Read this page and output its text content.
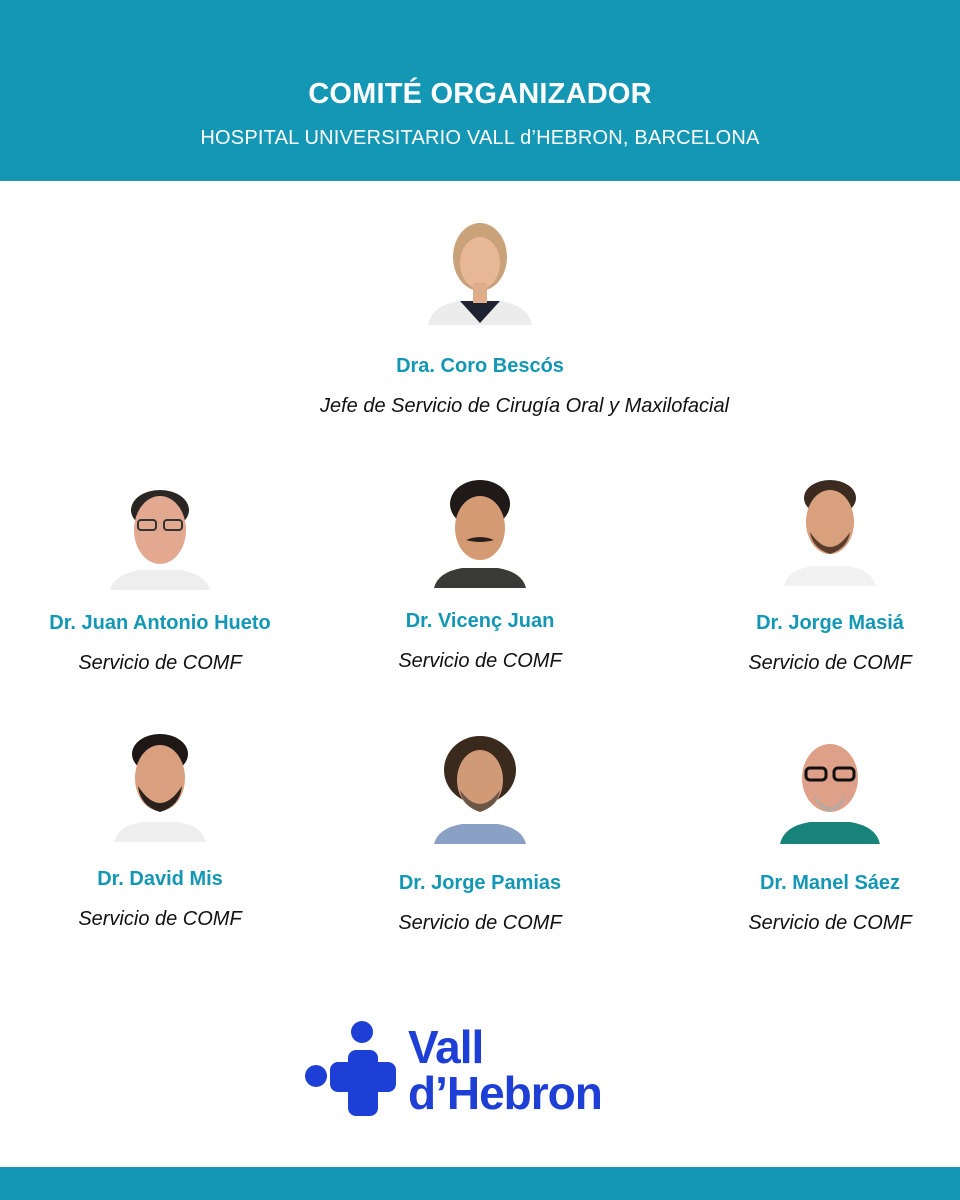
COMITÉ ORGANIZADOR
HOSPITAL UNIVERSITARIO VALL d’HEBRON, BARCELONA
Dra. Coro Bescós
Jefe de Servicio de Cirugía Oral y Maxilofacial
Dr. Juan Antonio Hueto
Servicio de COMF
Dr. Vicenç Juan
Servicio de COMF
Dr. Jorge Masiá
Servicio de COMF
Dr. David Mis
Servicio de COMF
Dr. Jorge Pamias
Servicio de COMF
Dr. Manel Sáez
Servicio de COMF
Vall
d’Hebron
